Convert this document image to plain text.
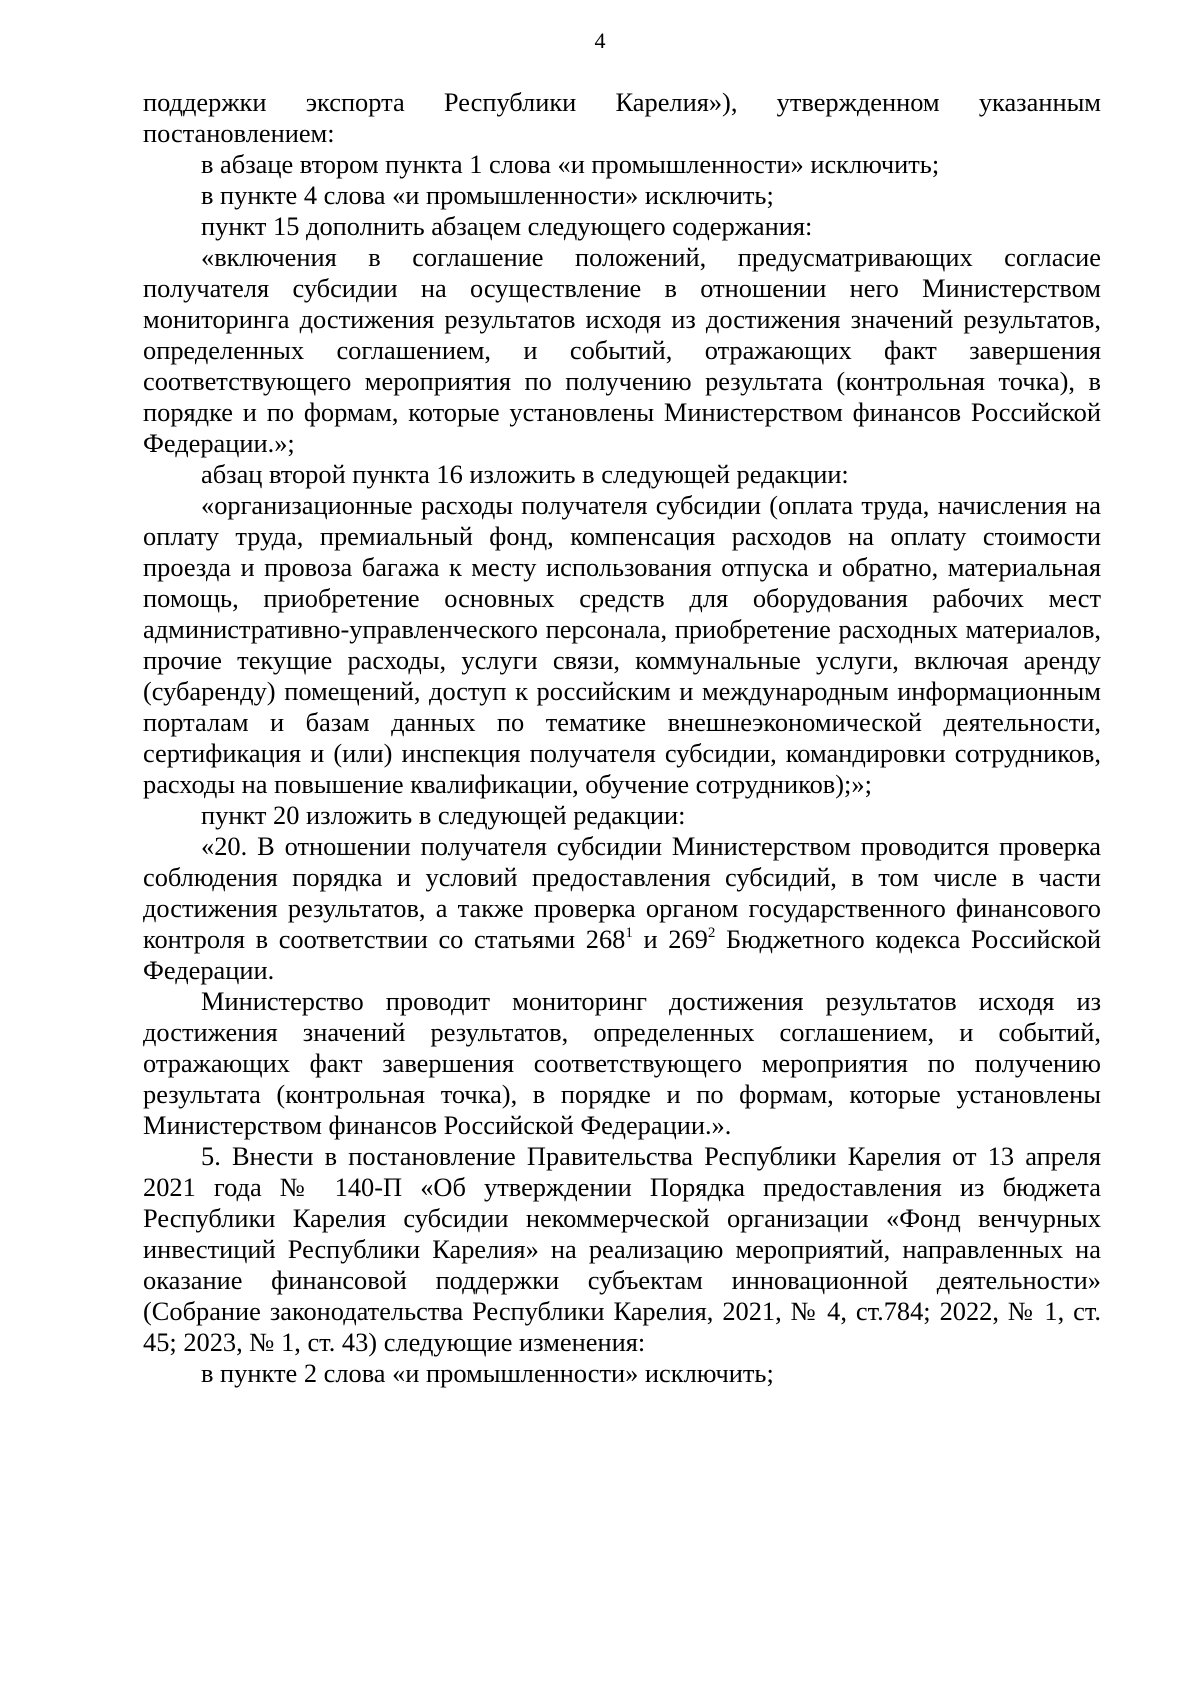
4

поддержки экспорта Республики Карелия»), утвержденном указанным постановлением:

в абзаце втором пункта 1 слова «и промышленности» исключить;

в пункте 4 слова «и промышленности» исключить;

пункт 15 дополнить абзацем следующего содержания:

«включения в соглашение положений, предусматривающих согласие получателя субсидии на осуществление в отношении него Министерством мониторинга достижения результатов исходя из достижения значений результатов, определенных соглашением, и событий, отражающих факт завершения соответствующего мероприятия по получению результата (контрольная точка), в порядке и по формам, которые установлены Министерством финансов Российской Федерации.»;

абзац второй пункта 16 изложить в следующей редакции:

«организационные расходы получателя субсидии (оплата труда, начисления на оплату труда, премиальный фонд, компенсация расходов на оплату стоимости проезда и провоза багажа к месту использования отпуска и обратно, материальная помощь, приобретение основных средств для оборудования рабочих мест административно-управленческого персонала, приобретение расходных материалов, прочие текущие расходы, услуги связи, коммунальные услуги, включая аренду (субаренду) помещений, доступ к российским и международным информационным порталам и базам данных по тематике внешнеэкономической деятельности, сертификация и (или) инспекция получателя субсидии, командировки сотрудников, расходы на повышение квалификации, обучение сотрудников);»;

пункт 20 изложить в следующей редакции:

«20. В отношении получателя субсидии Министерством проводится проверка соблюдения порядка и условий предоставления субсидий, в том числе в части достижения результатов, а также проверка органом государственного финансового контроля в соответствии со статьями $268^1$ и $269^2$ Бюджетного кодекса Российской Федерации.

Министерство проводит мониторинг достижения результатов исходя из достижения значений результатов, определенных соглашением, и событий, отражающих факт завершения соответствующего мероприятия по получению результата (контрольная точка), в порядке и по формам, которые установлены Министерством финансов Российской Федерации.».

5. Внести в постановление Правительства Республики Карелия от 13 апреля 2021 года № 140-П «Об утверждении Порядка предоставления из бюджета Республики Карелия субсидии некоммерческой организации «Фонд венчурных инвестиций Республики Карелия» на реализацию мероприятий, направленных на оказание финансовой поддержки субъектам инновационной деятельности» (Собрание законодательства Республики Карелия, 2021, № 4, ст.784; 2022, № 1, ст. 45; 2023, № 1, ст. 43) следующие изменения:

в пункте 2 слова «и промышленности» исключить;
